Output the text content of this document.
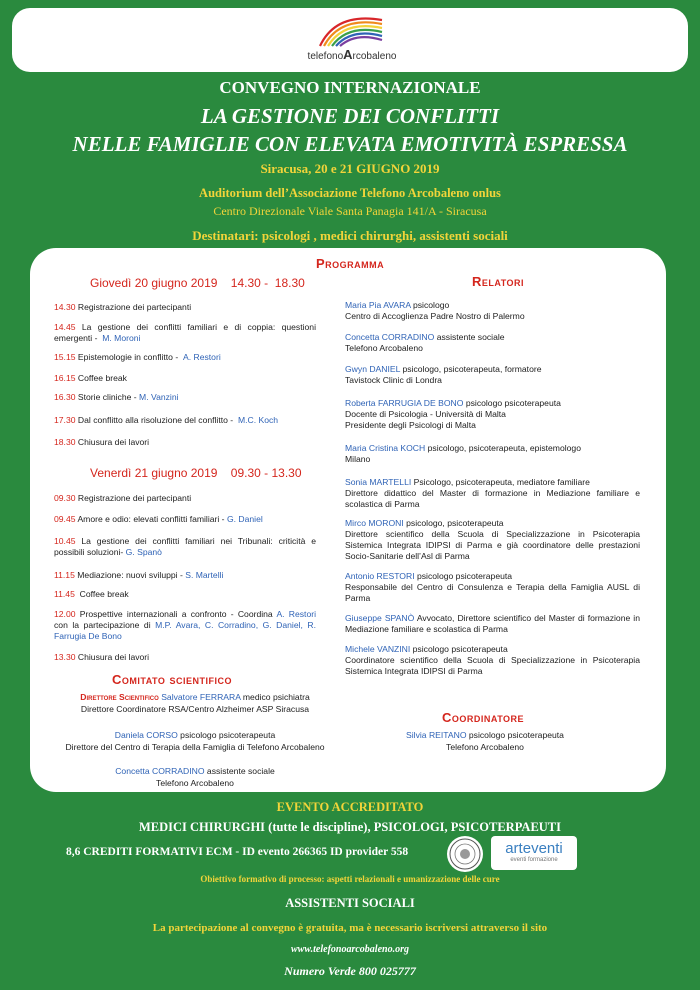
telefonoArcobaleno
CONVEGNO INTERNAZIONALE
LA GESTIONE DEI CONFLITTI
NELLE FAMIGLIE CON ELEVATA EMOTIVITÀ ESPRESSA
Siracusa, 20 e 21 GIUGNO 2019
Auditorium dell’Associazione Telefono Arcobaleno onlus
Centro Direzionale Viale Santa Panagia 141/A - Siracusa
Destinatari: psicologi , medici chirurghi, assistenti sociali
Programma
Giovedì 20 giugno 2019    14.30 -  18.30
14.30 Registrazione dei partecipanti
14.45 La gestione dei conflitti familiari e di coppia: questioni emergenti - M. Moroni
15.15 Epistemologie in conflitto - A. Restori
16.15 Coffee break
16.30 Storie cliniche - M. Vanzini
17.30 Dal conflitto alla risoluzione del conflitto - M.C. Koch
18.30 Chiusura dei lavori
Venerdì 21 giugno 2019    09.30 - 13.30
09.30 Registrazione dei partecipanti
09.45 Amore e odio: elevati conflitti familiari - G. Daniel
10.45 La gestione dei conflitti familiari nei Tribunali: criticità e possibili soluzioni- G. Spanò
11.15 Mediazione: nuovi sviluppi - S. Martelli
11.45 Coffee break
12.00 Prospettive internazionali a confronto - Coordina A. Restori con la partecipazione di M.P. Avara, C. Corradino, G. Daniel, R. Farrugia De Bono
13.30 Chiusura dei lavori
Comitato scientifico
Direttore Scientifico Salvatore FERRARA medico psichiatra
Direttore Coordinatore RSA/Centro Alzheimer ASP Siracusa
Daniela CORSO psicologo psicoterapeuta
Direttore del Centro di Terapia della Famiglia di Telefono Arcobaleno
Concetta CORRADINO assistente sociale
Telefono Arcobaleno
Relatori
Maria Pia AVARA psicologo
Centro di Accoglienza Padre Nostro di Palermo
Concetta CORRADINO assistente sociale
Telefono Arcobaleno
Gwyn DANIEL psicologo, psicoterapeuta, formatore
Tavistock Clinic di Londra
Roberta FARRUGIA DE BONO psicologo psicoterapeuta
Docente di Psicologia - Università di Malta
Presidente degli Psicologi di Malta
Maria Cristina KOCH psicologo, psicoterapeuta, epistemologo
Milano
Sonia MARTELLI Psicologo, psicoterapeuta, mediatore familiare
Direttore didattico del Master di formazione in Mediazione familiare e scolastica di Parma
Mirco MORONI psicologo, psicoterapeuta
Direttore scientifico della Scuola di Specializzazione in Psicoterapia Sistemica Integrata IDIPSI di Parma e già coordinatore delle prestazioni Socio-Sanitarie dell’Asl di Parma
Antonio RESTORI psicologo psicoterapeuta
Responsabile del Centro di Consulenza e Terapia della Famiglia AUSL di Parma
Giuseppe SPANÒ Avvocato, Direttore scientifico del Master di formazione in Mediazione familiare e scolastica di Parma
Michele VANZINI psicologo psicoterapeuta
Coordinatore scientifico della Scuola di Specializzazione in Psicoterapia Sistemica Integrata IDIPSI di Parma
Coordinatore
Silvia REITANO psicologo psicoterapeuta
Telefono Arcobaleno
EVENTO ACCREDITATO
MEDICI CHIRURGHI (tutte le discipline), PSICOLOGI, PSICOTERPAEUTI
8,6 CREDITI FORMATIVI ECM - ID evento 266365 ID provider 558	arteventi
eventi formazione
Obiettivo formativo di processo: aspetti relazionali e umanizzazione delle cure
ASSISTENTI SOCIALI
La partecipazione al convegno è gratuita, ma è necessario iscriversi attraverso il sito
www.telefonoarcobaleno.org
Numero Verde 800 025777
